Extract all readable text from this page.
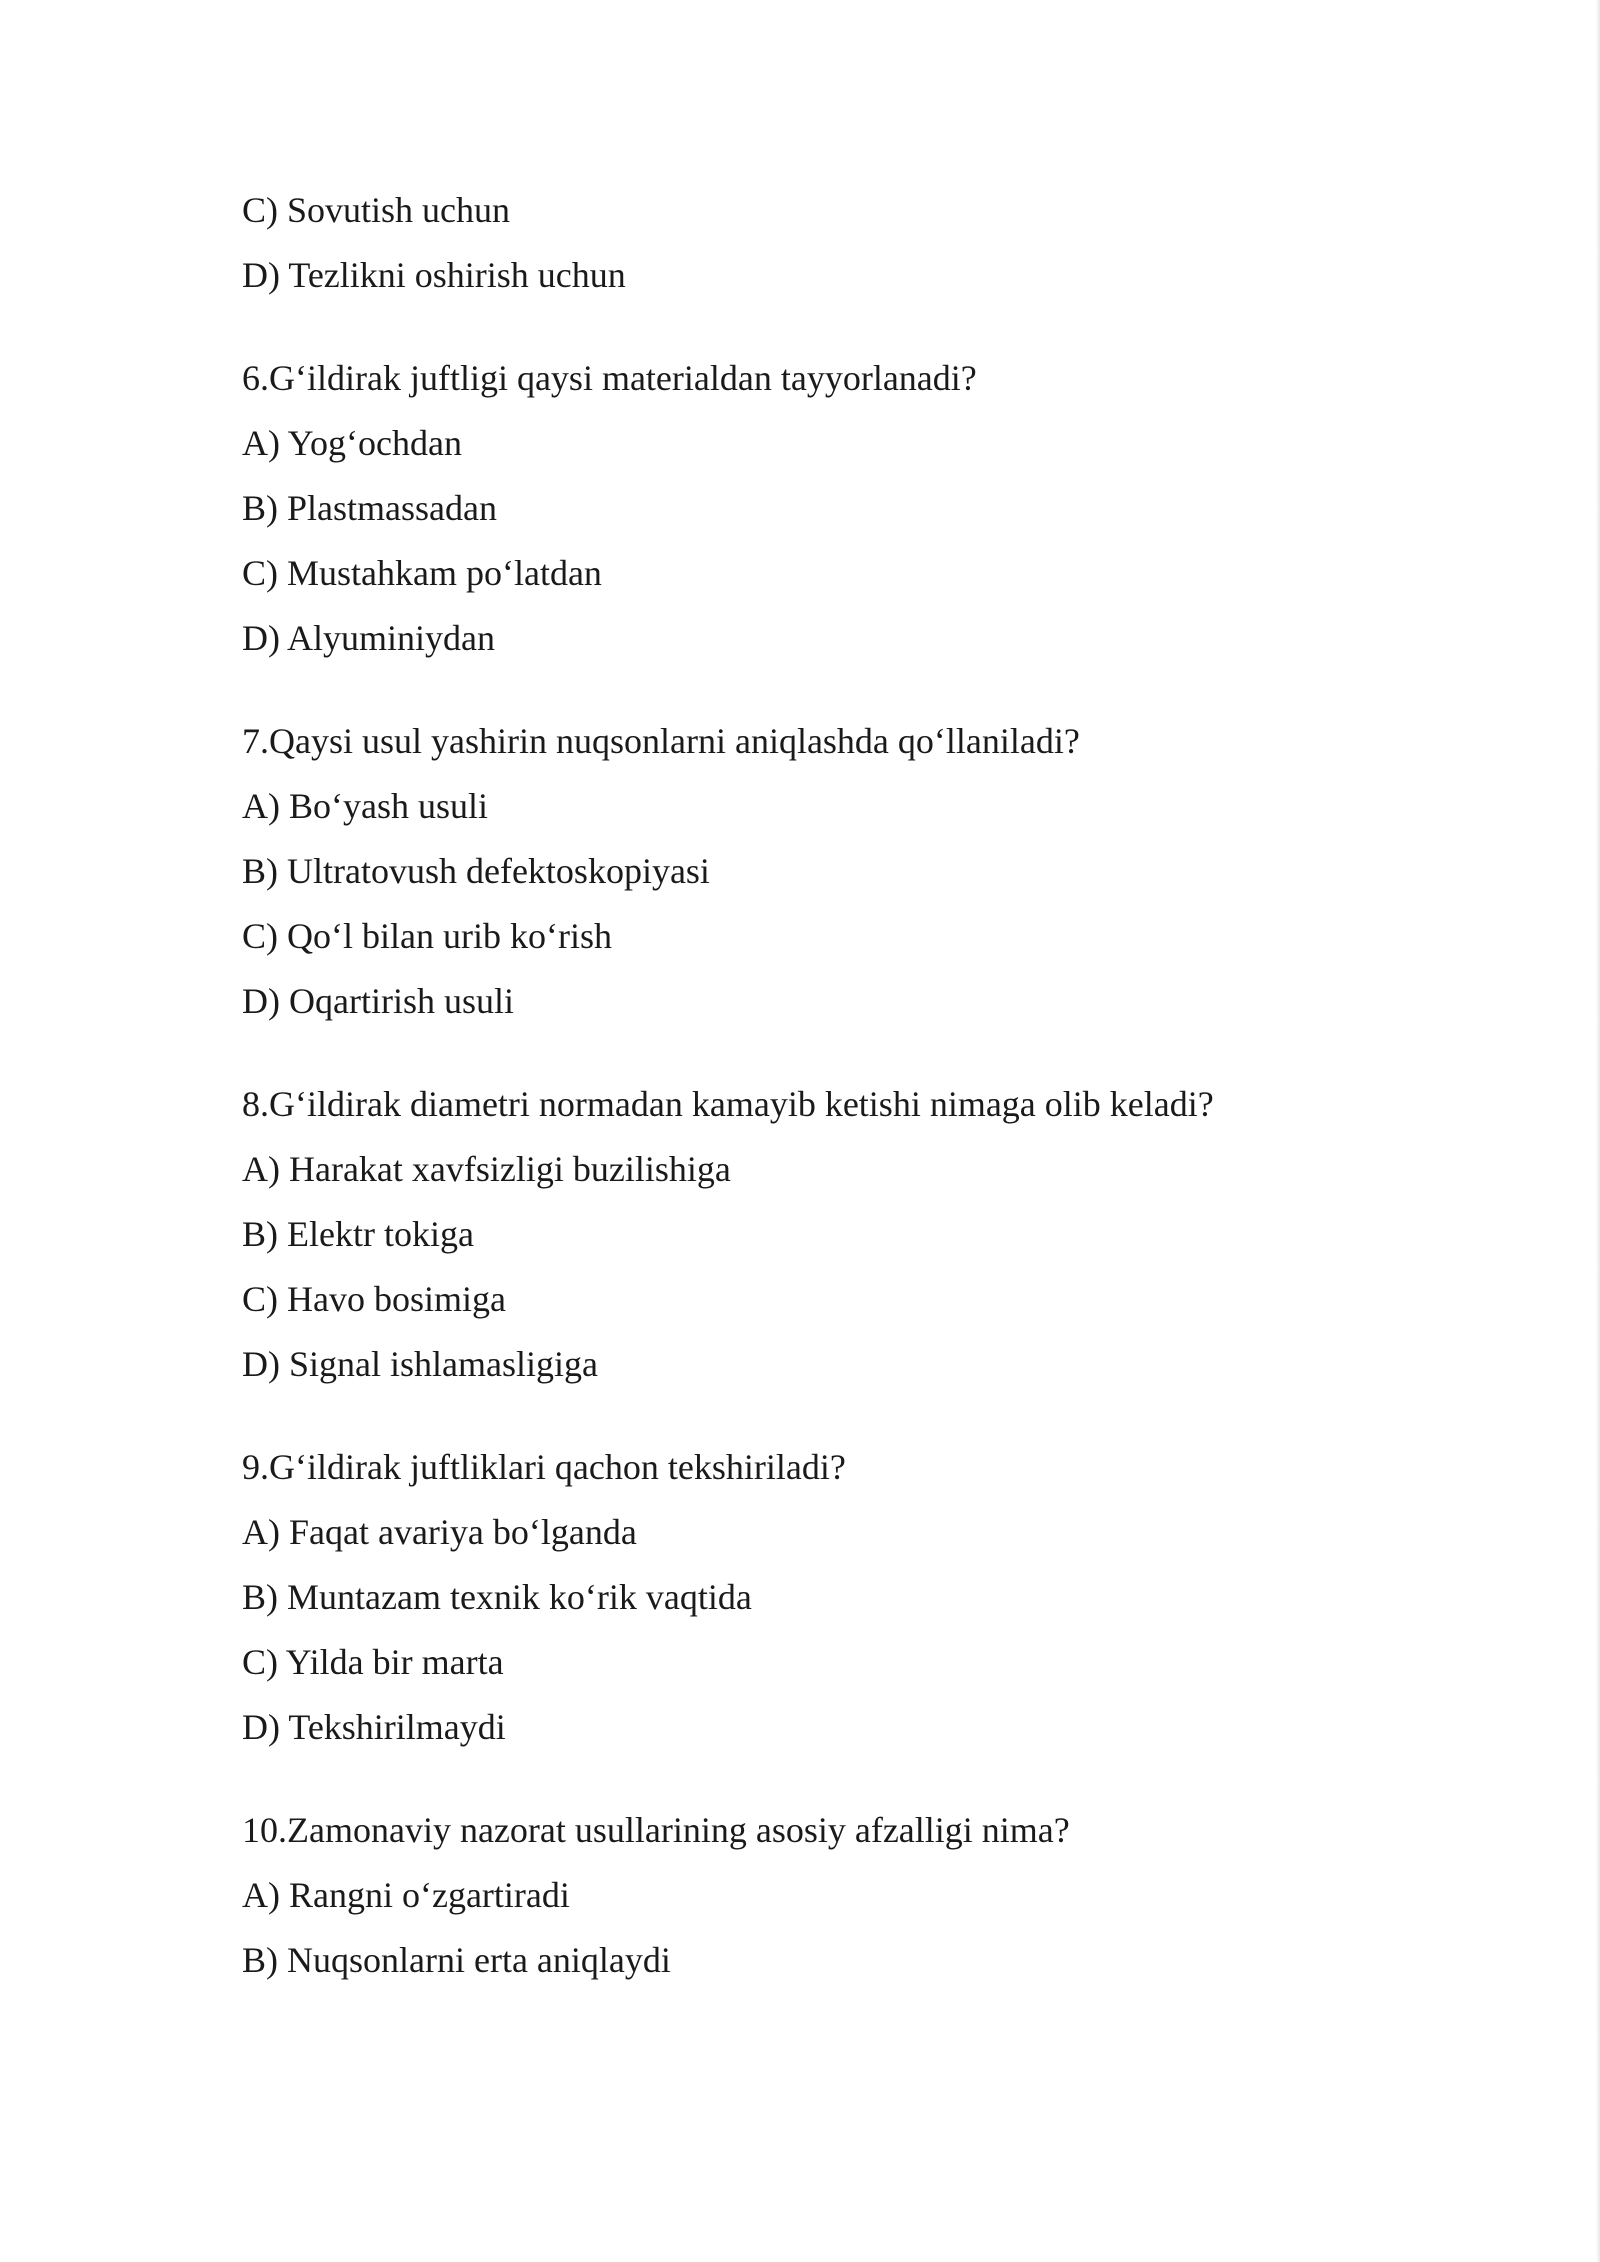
C) Sovutish uchun
D) Tezlikni oshirish uchun
6.G‘ildirak juftligi qaysi materialdan tayyorlanadi?
A) Yog‘ochdan
B) Plastmassadan
C) Mustahkam po‘latdan
D) Alyuminiydan
7.Qaysi usul yashirin nuqsonlarni aniqlashda qo‘llaniladi?
A) Bo‘yash usuli
B) Ultratovush defektoskopiyasi
C) Qo‘l bilan urib ko‘rish
D) Oqartirish usuli
8.G‘ildirak diametri normadan kamayib ketishi nimaga olib keladi?
A) Harakat xavfsizligi buzilishiga
B) Elektr tokiga
C) Havo bosimiga
D) Signal ishlamasligiga
9.G‘ildirak juftliklari qachon tekshiriladi?
A) Faqat avariya bo‘lganda
B) Muntazam texnik ko‘rik vaqtida
C) Yilda bir marta
D) Tekshirilmaydi
10.Zamonaviy nazorat usullarining asosiy afzalligi nima?
A) Rangni o‘zgartiradi
B) Nuqsonlarni erta aniqlaydi
